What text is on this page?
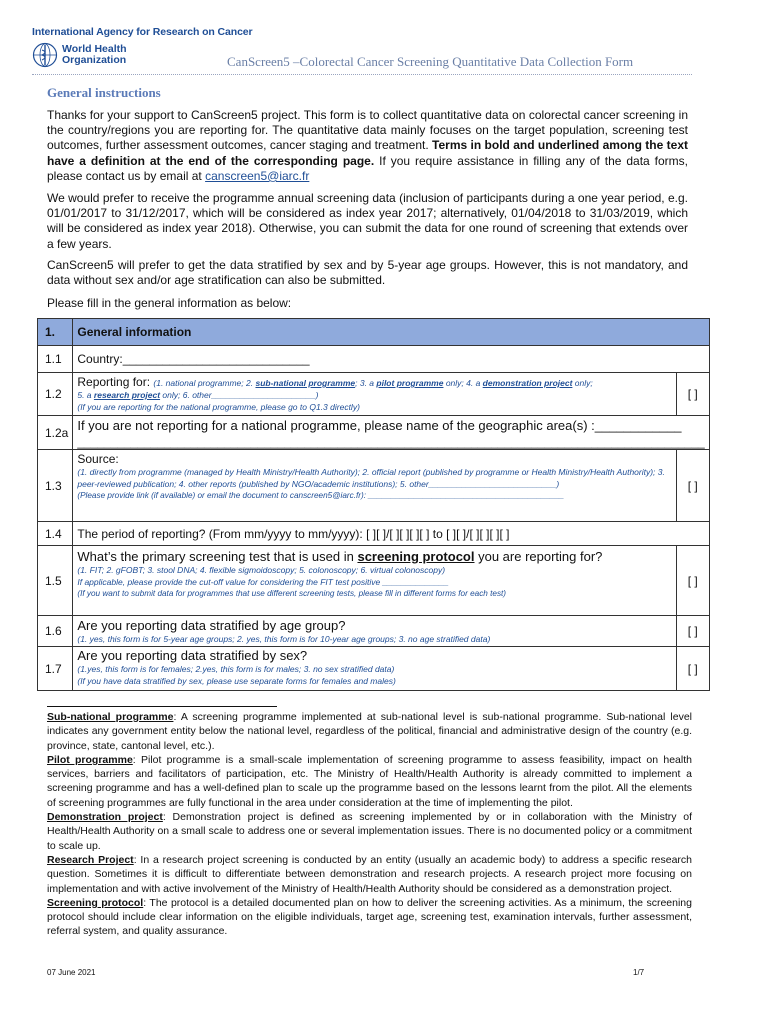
International Agency for Research on Cancer
World Health
Organization	CanScreen5 –Colorectal Cancer Screening Quantitative Data Collection Form
General instructions

Thanks for your support to CanScreen5 project. This form is to collect quantitative data on colorectal cancer screening in the country/regions you are reporting for. The quantitative data mainly focuses on the target population, screening test outcomes, further assessment outcomes, cancer staging and treatment. Terms in bold and underlined among the text have a definition at the end of the corresponding page. If you require assistance in filling any of the data forms, please contact us by email at canscreen5@iarc.fr

We would prefer to receive the programme annual screening data (inclusion of participants during a one year period, e.g. 01/01/2017 to 31/12/2017, which will be considered as index year 2017; alternatively, 01/04/2018 to 31/03/2019, which will be considered as index year 2018). Otherwise, you can submit the data for one round of screening that extends over a few years.

CanScreen5 will prefer to get the data stratified by sex and by 5-year age groups. However, this is not mandatory, and data without sex and/or age stratification can also be submitted.

Please fill in the general information as below:

1.	General information	
1.1	Country:____________________________	
1.2	Reporting for: (1. national programme; 2. sub-national programme; 3. a pilot programme only; 4. a demonstration project only;
5. a research project only; 6. other______________________)
(If you are reporting for the national programme, please go to Q1.3 directly)	[ ]
1.2a	If you are not reporting for a national programme, please name of the geographic area(s) :____________
______________________________________________________________________________________________	

1.3	Source:
(1. directly from programme (managed by Health Ministry/Health Authority); 2. official report (published by programme or Health Ministry/Health Authority); 3. peer-reviewed publication; 4. other reports (published by NGO/academic institutions); 5. other___________________________)
(Please provide link (if available) or email the document to canscreen5@iarc.fr): ___________________________________________	[ ]
1.4	The period of reporting? (From mm/yyyy to mm/yyyy): [ ][ ]/[ ][ ][ ][ ] to [ ][ ]/[ ][ ][ ][ ]	
1.5	What’s the primary screening test that is used in screening protocol you are reporting for?
(1. FIT; 2. gFOBT; 3. stool DNA; 4. flexible sigmoidoscopy; 5. colonoscopy; 6. virtual colonoscopy)
If applicable, please provide the cut-off value for considering the FIT test positive ______________
(If you want to submit data for programmes that use different screening tests, please fill in different forms for each test)	[ ]
1.6	Are you reporting data stratified by age group?
(1. yes, this form is for 5-year age groups; 2. yes, this form is for 10-year age groups; 3. no age stratified data)	[ ]
1.7	Are you reporting data stratified by sex?
(1.yes, this form is for females; 2.yes, this form is for males; 3. no sex stratified data)
(If you have data stratified by sex, please use separate forms for females and males)	[ ]

Sub-national programme: A screening programme implemented at sub-national level is sub-national programme. Sub-national level indicates any government entity below the national level, regardless of the political, financial and administrative design of the country (e.g. province, state, cantonal level, etc.).

Pilot programme: Pilot programme is a small-scale implementation of screening programme to assess feasibility, impact on health services, barriers and facilitators of participation, etc. The Ministry of Health/Health Authority is already committed to implement a screening programme and has a well-defined plan to scale up the programme based on the lessons learnt from the pilot. All the elements of screening programmes are fully functional in the area under consideration at the time of implementing the pilot.

Demonstration project: Demonstration project is defined as screening implemented by or in collaboration with the Ministry of Health/Health Authority on a small scale to address one or several implementation issues. There is no documented policy or a commitment to scale up.

Research Project: In a research project screening is conducted by an entity (usually an academic body) to address a specific research question. Sometimes it is difficult to differentiate between demonstration and research projects. A research project more focusing on implementation and with active involvement of the Ministry of Health/Health Authority should be considered as a demonstration project.

Screening protocol: The protocol is a detailed documented plan on how to deliver the screening activities. As a minimum, the screening protocol should include clear information on the eligible individuals, target age, screening test, examination intervals, further assessment, referral system, and quality assurance.

07 June 2021	1/7
